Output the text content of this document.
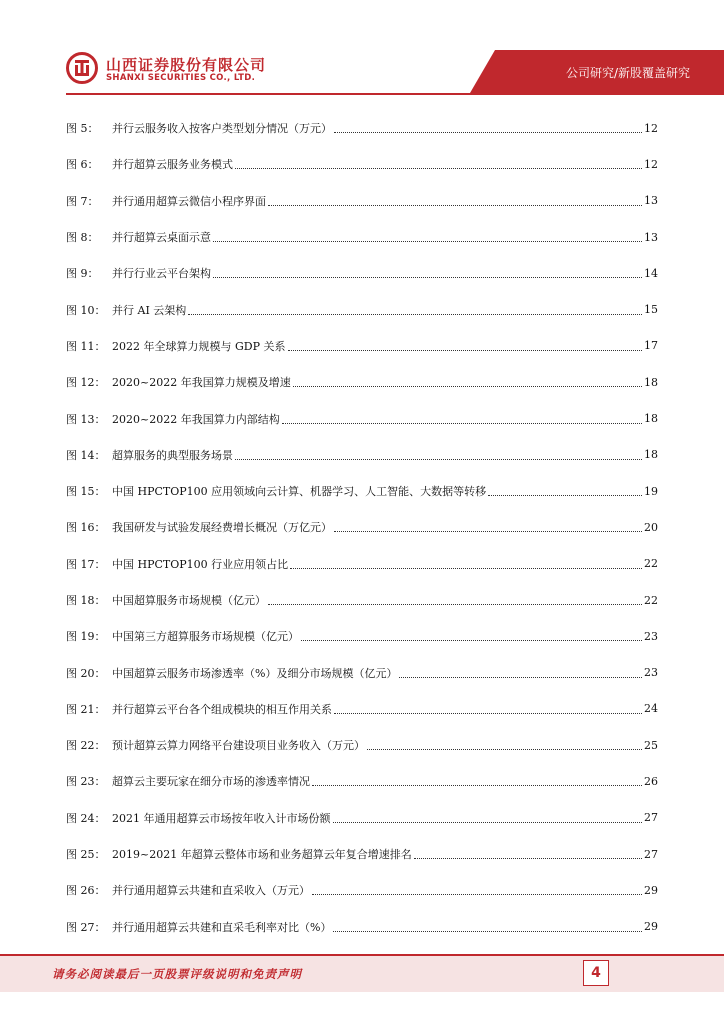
山西证券股份有限公司
SHANXI SECURITIES CO., LTD.	公司研究/新股覆盖研究
图 5：	并行云服务收入按客户类型划分情况（万元）	12
图 6：	并行超算云服务业务模式	12
图 7：	并行通用超算云微信小程序界面	13
图 8：	并行超算云桌面示意	13
图 9：	并行行业云平台架构	14
图 10： 并行 AI 云架构	15
图 11： 2022 年全球算力规模与 GDP 关系	17
图 12： 2020~2022 年我国算力规模及增速	18
图 13： 2020~2022 年我国算力内部结构	18
图 14： 超算服务的典型服务场景	18
图 15： 中国 HPCTOP100 应用领域向云计算、机器学习、人工智能、大数据等转移	19
图 16： 我国研发与试验发展经费增长概况（万亿元）	20
图 17： 中国 HPCTOP100 行业应用领占比	22
图 18： 中国超算服务市场规模（亿元）	22
图 19： 中国第三方超算服务市场规模（亿元）	23
图 20： 中国超算云服务市场渗透率（%）及细分市场规模（亿元）	23
图 21： 并行超算云平台各个组成模块的相互作用关系	24
图 22： 预计超算云算力网络平台建设项目业务收入（万元）	25
图 23： 超算云主要玩家在细分市场的渗透率情况	26
图 24： 2021 年通用超算云市场按年收入计市场份额	27
图 25： 2019~2021 年超算云整体市场和业务超算云年复合增速排名	27
图 26： 并行通用超算云共建和直采收入（万元）	29
图 27： 并行通用超算云共建和直采毛利率对比（%）	29
请务必阅读最后一页股票评级说明和免责声明	4
